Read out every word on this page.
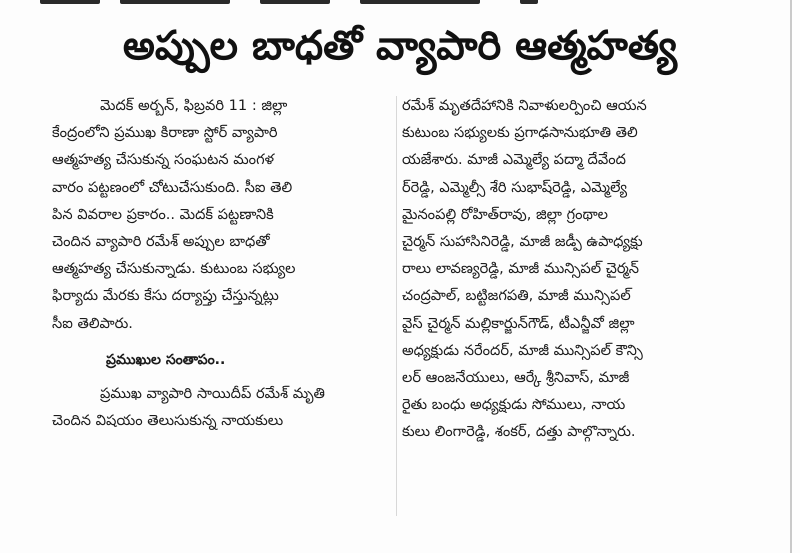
అప్పుల బాధతో వ్యాపారి ఆత్మహత్య

మెదక్ అర్బన్, ఫిబ్రవరి 11 : జిల్లా

కేంద్రంలోని ప్రముఖ కిరాణా స్టోర్ వ్యాపారి

ఆత్మహత్య చేసుకున్న సంఘటన మంగళ

వారం పట్టణంలో చోటుచేసుకుంది. సీఐ తెలి

పిన వివరాల ప్రకారం.. మెదక్ పట్టణానికి

చెందిన వ్యాపారి రమేశ్ అప్పుల బాధతో

ఆత్మహత్య చేసుకున్నాడు. కుటుంబ సభ్యుల

ఫిర్యాదు మేరకు కేసు దర్యాప్తు చేస్తున్నట్లు

సీఐ తెలిపారు.

ప్రముఖుల సంతాపం..

ప్రముఖ వ్యాపారి సాయిదీప్ రమేశ్ మృతి

చెందిన విషయం తెలుసుకున్న నాయకులు

రమేశ్ మృతదేహానికి నివాళులర్పించి ఆయన

కుటుంబ సభ్యులకు ప్రగాఢసానుభూతి తెలి

యజేశారు. మాజీ ఎమ్మెల్యే పద్మా దేవేంద

ర్‌రెడ్డి, ఎమ్మెల్సీ శేరి సుభాష్‌రెడ్డి, ఎమ్మెల్యే

మైనంపల్లి రోహిత్‌రావు, జిల్లా గ్రంథాల

చైర్మన్ సుహాసినిరెడ్డి, మాజీ జడ్పీ ఉపాధ్యక్షు

రాలు లావణ్యరెడ్డి, మాజీ మున్సిపల్ చైర్మన్

చంద్రపాల్, బట్టిజగపతి, మాజీ మున్సిపల్

వైస్ చైర్మన్ మల్లికార్జున్‌గౌడ్, టీఎన్జీవో జిల్లా

అధ్యక్షుడు నరేందర్, మాజీ మున్సిపల్ కౌన్సి

లర్ ఆంజనేయులు, ఆర్కే శ్రీనివాస్, మాజీ

రైతు బంధు అధ్యక్షుడు సోములు, నాయ

కులు లింగారెడ్డి, శంకర్, దత్తు పాల్గొన్నారు.
